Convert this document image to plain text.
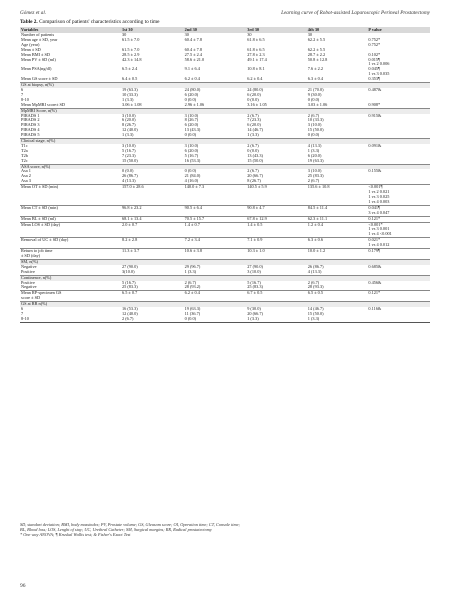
Gómez et al.	Learning curve of Robot-assisted Laparoscopic Perineal Prostatectomy
Table 2. Comparison of patients' characteristics according to time
Variables	1st 30	2nd 30	3rd 30	4th 30	P value
Number of patients	30	30	30	30	
Mean age ± SD, year	61.5 ± 7.0	60.4 ± 7.8	61.8 ± 6.5	62.2 ± 5.5	0.752*
Age (year)					0.752*
Mean ± SD	61.5 ± 7.0	60.4 ± 7.8	61.8 ± 6.5	62.2 ± 5.5	
Mean BMI ± SD	28.5 ± 2.9	27.5 ± 2.4	27.8 ± 2.3	28.7 ± 2.2	0.102*
Mean PV ± SD (ml)	42.3 ± 14.8	58.6 ± 21.0	49.1 ± 17.4	50.8 ± 12.8	0.015¶
1 vs 2 0.006
Mean PSA(ng/dl)	6.5 ± 2.4	9.1 ± 6.4	10.8 ± 8.1	7.6 ± 2.2	0.045¶
1 vs 3 0.035
Mean GS score ± SD	6.4 ± 0.5	6.2 ± 0.4	6.2 ± 0.4	6.3 ± 0.4	0.353¶
GS at biopsy, n(%)					
6	19 (63.3)	24 (80.0)	24 (80.0)	21 (70.0)	0.487&
7	10 (33.3)	6 (20.0)	6 (20.0)	9 (30.0)	
8-10	1 (3.3)	0 (0.0)	0 (0.0)	0 (0.0)	
Mean MpMRI score± SD	3.06 ± 1.08	2.96 ± 1.06	3.16 ± 1.05	3.03 ± 1.06	0.908*
MpMRI Score, n(%)					
PIRADS 1	3 (10.0)	3 (10.0)	2 (6.7)	2 (6.7)	0.915&
PIRADS 2	6 (20.0)	8 (26.7)	7 (23.3)	10 (33.3)	
PIRADS 3	8 (26.7)	6 (20.0)	6 (20.0)	3 (10.0)	
PIRADS 4	12 (40.0)	13 (43.3)	14 (46.7)	15 (50.0)	
PIRADS 5	1 (3.3)	0 (0.0)	1 (3.3)	0 (0.0)	
Clinical stage, n(%)					
T1c	3 (10.0)	3 (10.0)	2 (6.7)	4 (13.3)	0.091&
T2a	5 (16.7)	6 (20.0)	0 (0.0)	1 (3.3)	
T2b	7 (23.3)	5 (16.7)	13 (43.3)	6 (20.0)	
T2c	15 (50.0)	16 (53.3)	15 (50.0)	19 (63.3)	
ASA score, n(%)					
Asa 1	0 (0.0)	0 (0.0)	2 (6.7)	3 (10.0)	0.155&
Asa 2	26 (86.7)	21 (84.0)	20 (66.7)	25 (83.3)	
Asa 3	4 (13.3)	4 (16.0)	8 (26.7)	2 (6.7)	
Mean OT ± SD (min)	157.0 ± 28.6	140.0 ± 7.3	140.5 ± 5.9	135.6 ± 10.8	<0.001¶
1 vs 2 0.021
1 vs 3 0.025
1 vs 4 0.003
Mean CT ± SD (min)	96.8 ± 23.2	90.5 ± 6.4	90.8 ± 4.7	84.5 ± 11.4	0.041¶
3 vs 4 0.047
Mean BL ± SD (ml)	68.1 ± 13.4	70.5 ± 15.7	67.8 ± 12.9	62.3 ± 11.1	0.121*
Mean LOS ± SD (day)	2.0 ± 0.7	1.4 ± 0.7	1.4 ± 0.5	1.2 ± 0.4	<0.001*
1 vs 3 0.001
1 vs 4 <0.001
Removal of UC ± SD (day)	8.2 ± 2.8	7.2 ± 3.4	7.1 ± 0.9	6.3 ± 0.6	0.021*
1 vs 4 0.012
Return to job time
± SD (day)	11.3 ± 3.7	10.6 ± 3.8	10.3 ± 1.0	10.0 ± 1.2	0.179¶
SM, n(%)					
Negative	27 (90.0)	29 (96.7)	27 (90.0)	26 (86.7)	0.685&
Positive	3(10.0)	1 (3.3)	3 (10.0)	4 (13.3)	
Continence, n(%)					
Positive	5 (16.7)	2 (6.7)	5 (16.7)	2 (6.7)	0.456&
Negative	25 (83.3)	28 (93.2)	25 (83.3)	28 (93.3)	
Mean RP-specimen GS
score ± SD	6.5 ± 0.7	6.2 ± 0.4	6.7 ± 0.5	6.5 ± 0.5	0.121*
GS at RR n(%)					
6	16 (53.3)	19 (63.3)	9 (30.0)	14 (46.7)	0.116&
7	12 (40.0)	11 (36.7)	20 (66.7)	15 (50.0)	
8-10	2 (6.7)	0 (0.0)	1 (3.3)	1 (3.3)	
SD, standart deviation; BMI, body massindex; PV, Prostate volume; GS, Gleasom score; OI, Operation time; CT, Console time;
BL, Blood loss; LOS, Lenght of stay; UC, Urethral Catheter; SM, Surgical margins; RR, Radical prostatectomy
* One way ANOVA; ¶ Kruskal Wallis test; & Fisher's Exact Test
96
